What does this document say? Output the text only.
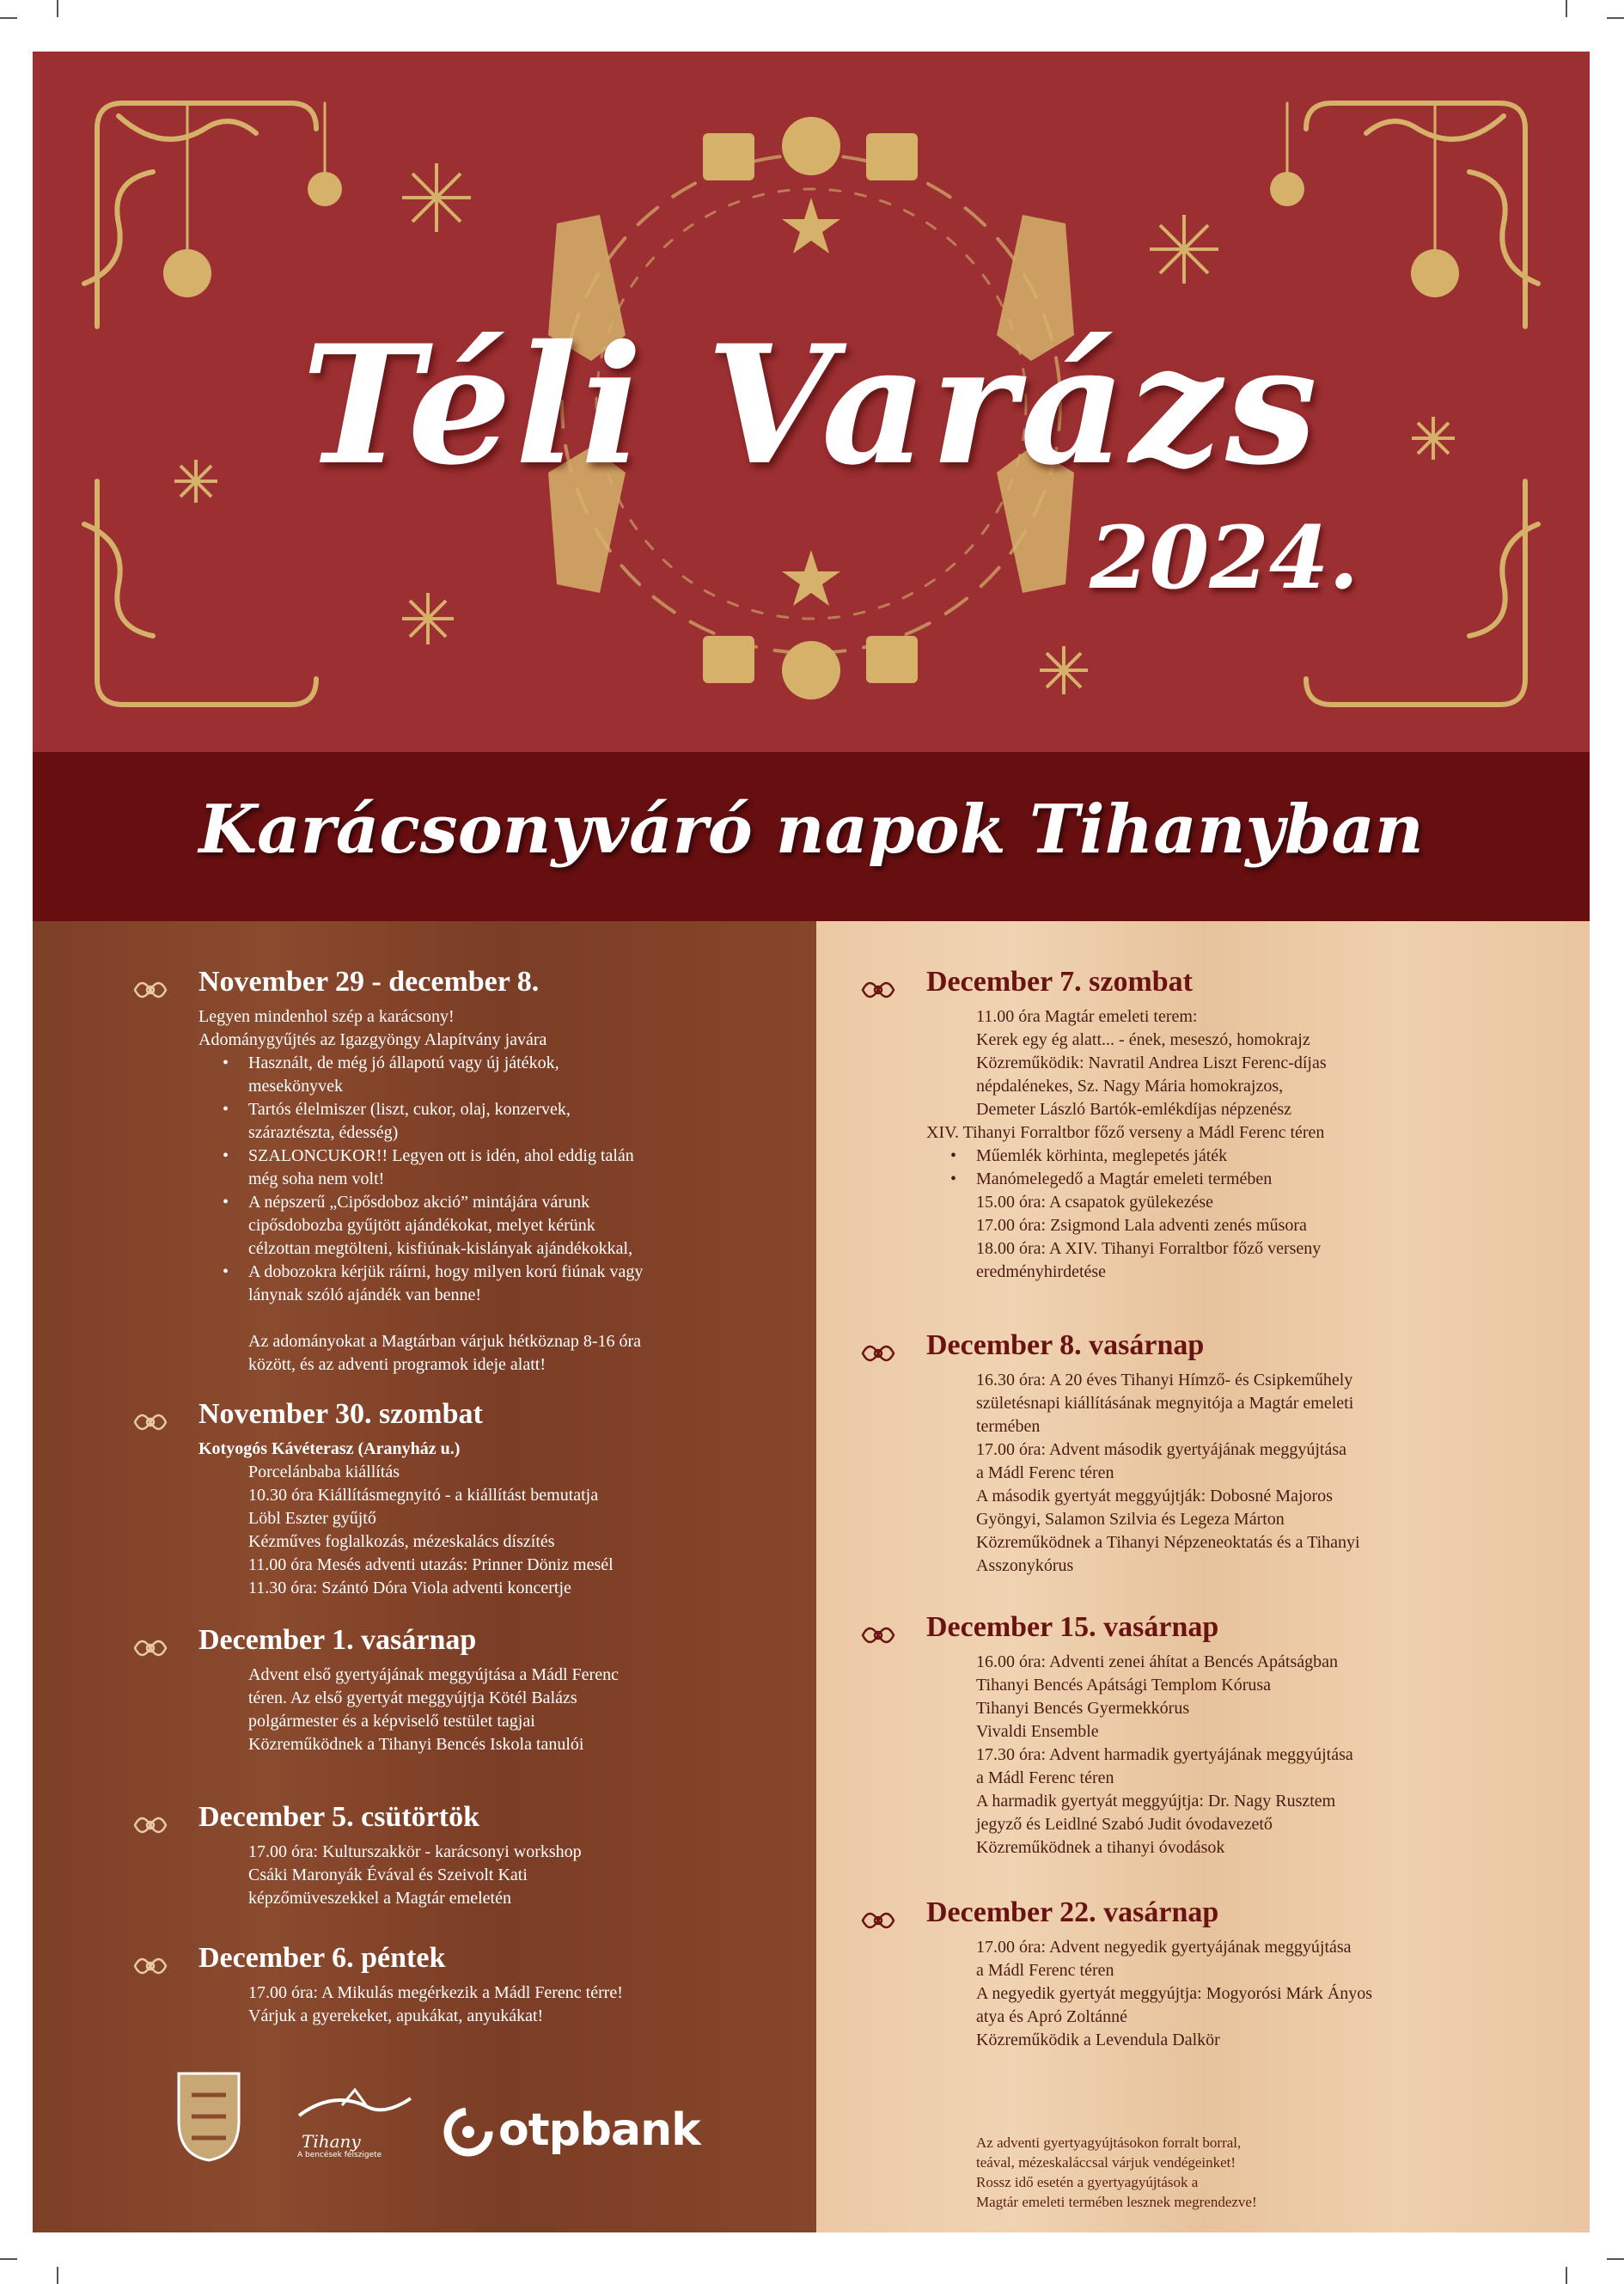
Téli Varázs
2024.
Karácsonyváró napok Tihanyban
November 29 - december 8.
Legyen mindenhol szép a karácsony!
Adománygyűjtés az Igazgyöngy Alapítvány javára
• Használt, de még jó állapotú vagy új játékok,
mesekönyvek
• Tartós élelmiszer (liszt, cukor, olaj, konzervek,
száraztészta, édesség)
• SZALONCUKOR!! Legyen ott is idén, ahol eddig talán
még soha nem volt!
• A népszerű „Cipősdoboz akció” mintájára várunk
cipősdobozba gyűjtött ajándékokat, melyet kérünk
célzottan megtölteni, kisfiúnak-kislányak ajándékokkal,
• A dobozokra kérjük ráírni, hogy milyen korú fiúnak vagy
lánynak szóló ajándék van benne!
Az adományokat a Magtárban várjuk hétköznap 8-16 óra
között, és az adventi programok ideje alatt!
November 30. szombat
Kotyogós Kávéterasz (Aranyház u.)
Porcelánbaba kiállítás
10.30 óra Kiállításmegnyitó - a kiállítást bemutatja
Löbl Eszter gyűjtő
Kézműves foglalkozás, mézeskalács díszítés
11.00 óra Mesés adventi utazás: Prinner Döniz mesél
11.30 óra: Szántó Dóra Viola adventi koncertje
December 1. vasárnap
Advent első gyertyájának meggyújtása a Mádl Ferenc
téren. Az első gyertyát meggyújtja Kötél Balázs
polgármester és a képviselő testület tagjai
Közreműködnek a Tihanyi Bencés Iskola tanulói
December 5. csütörtök
17.00 óra: Kulturszakkör - karácsonyi workshop
Csáki Maronyák Évával és Szeivolt Kati
képzőmüveszekkel a Magtár emeletén
December 6. péntek
17.00 óra: A Mikulás megérkezik a Mádl Ferenc térre!
Várjuk a gyerekeket, apukákat, anyukákat!
Tihany
A bencések félszigete	otpbank
December 7. szombat
11.00 óra Magtár emeleti terem:
Kerek egy ég alatt... - ének, meseszó, homokrajz
Közreműködik: Navratil Andrea Liszt Ferenc-díjas
népdalénekes, Sz. Nagy Mária homokrajzos,
Demeter László Bartók-emlékdíjas népzenész
XIV. Tihanyi Forraltbor főző verseny a Mádl Ferenc téren
• Műemlék körhinta, meglepetés játék
• Manómelegedő a Magtár emeleti termében
15.00 óra: A csapatok gyülekezése
17.00 óra: Zsigmond Lala adventi zenés műsora
18.00 óra: A XIV. Tihanyi Forraltbor főző verseny
eredményhirdetése
December 8. vasárnap
16.30 óra: A 20 éves Tihanyi Hímző- és Csipkeműhely
születésnapi kiállításának megnyitója a Magtár emeleti
termében
17.00 óra: Advent második gyertyájának meggyújtása
a Mádl Ferenc téren
A második gyertyát meggyújtják: Dobosné Majoros
Gyöngyi, Salamon Szilvia és Legeza Márton
Közreműködnek a Tihanyi Népzeneoktatás és a Tihanyi
Asszonykórus
December 15. vasárnap
16.00 óra: Adventi zenei áhítat a Bencés Apátságban
Tihanyi Bencés Apátsági Templom Kórusa
Tihanyi Bencés Gyermekkórus
Vivaldi Ensemble
17.30 óra: Advent harmadik gyertyájának meggyújtása
a Mádl Ferenc téren
A harmadik gyertyát meggyújtja: Dr. Nagy Rusztem
jegyző és Leidlné Szabó Judit óvodavezető
Közreműködnek a tihanyi óvodások
December 22. vasárnap
17.00 óra: Advent negyedik gyertyájának meggyújtása
a Mádl Ferenc téren
A negyedik gyertyát meggyújtja: Mogyorósi Márk Ányos
atya és Apró Zoltánné
Közreműködik a Levendula Dalkör
Az adventi gyertyagyújtásokon forralt borral,
teával, mézeskaláccsal várjuk vendégeinket!
Rossz idő esetén a gyertyagyújtások a
Magtár emeleti termében lesznek megrendezve!
